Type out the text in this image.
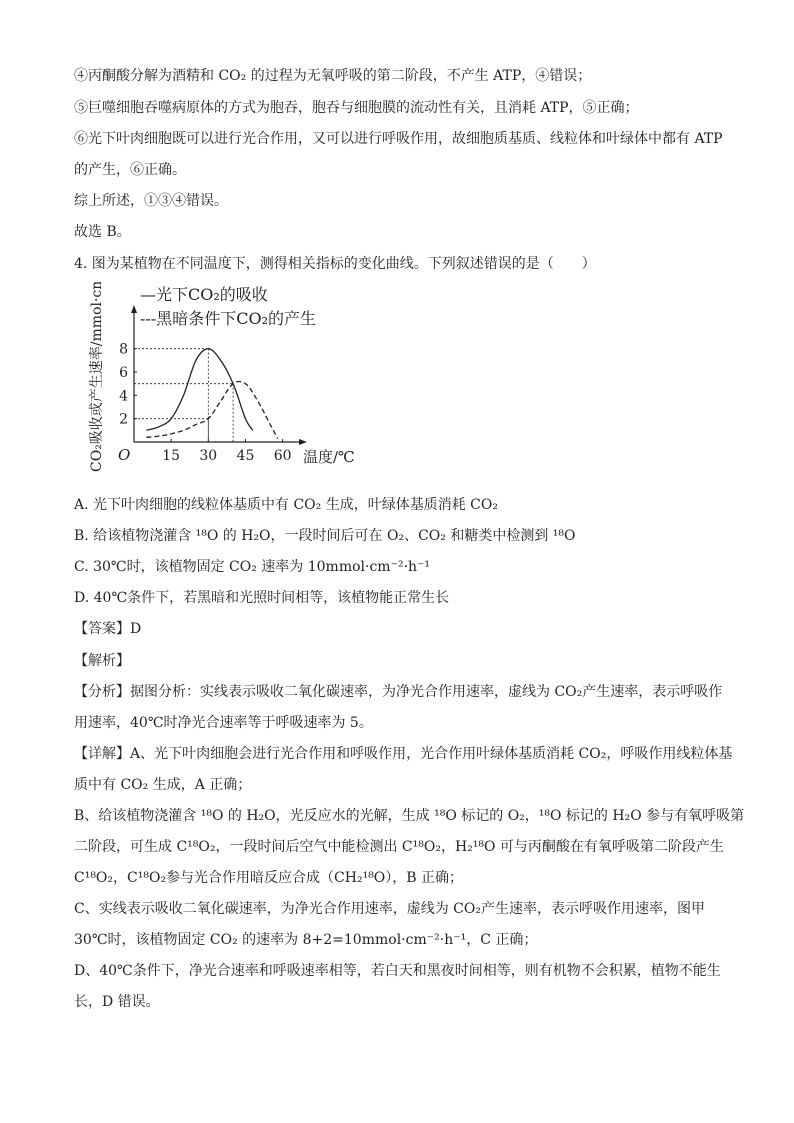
④丙酮酸分解为酒精和 CO₂ 的过程为无氧呼吸的第二阶段，不产生 ATP，④错误；
⑤巨噬细胞吞噬病原体的方式为胞吞，胞吞与细胞膜的流动性有关，且消耗 ATP，⑤正确；
⑥光下叶肉细胞既可以进行光合作用，又可以进行呼吸作用，故细胞质基质、线粒体和叶绿体中都有 ATP
的产生，⑥正确。
综上所述，①③④错误。
故选 B。
4. 图为某植物在不同温度下，测得相关指标的变化曲线。下列叙述错误的是（　　）
—光下CO₂的吸收
---黑暗条件下CO₂的产生
CO₂吸收或产生速率/mmol·cm⁻²·h⁻¹	温度/℃
O 15 30 45 60
2
4
6
8
A. 光下叶肉细胞的线粒体基质中有 CO₂ 生成，叶绿体基质消耗 CO₂
B. 给该植物浇灌含 ¹⁸O 的 H₂O，一段时间后可在 O₂、CO₂ 和糖类中检测到 ¹⁸O
C. 30℃时，该植物固定 CO₂ 速率为 10mmol·cm⁻²·h⁻¹
D. 40℃条件下，若黑暗和光照时间相等，该植物能正常生长
【答案】D
【解析】
【分析】据图分析：实线表示吸收二氧化碳速率，为净光合作用速率，虚线为 CO₂产生速率，表示呼吸作
用速率，40℃时净光合速率等于呼吸速率为 5。
【详解】A、光下叶肉细胞会进行光合作用和呼吸作用，光合作用叶绿体基质消耗 CO₂，呼吸作用线粒体基
质中有 CO₂ 生成，A 正确；
B、给该植物浇灌含 ¹⁸O 的 H₂O，光反应水的光解，生成 ¹⁸O 标记的 O₂，¹⁸O 标记的 H₂O 参与有氧呼吸第
二阶段，可生成 C¹⁸O₂，一段时间后空气中能检测出 C¹⁸O₂，H₂¹⁸O 可与丙酮酸在有氧呼吸第二阶段产生
C¹⁸O₂，C¹⁸O₂参与光合作用暗反应合成（CH₂¹⁸O），B 正确；
C、实线表示吸收二氧化碳速率，为净光合作用速率，虚线为 CO₂产生速率，表示呼吸作用速率，图甲
30℃时，该植物固定 CO₂ 的速率为 8+2=10mmol·cm⁻²·h⁻¹，C 正确；
D、40℃条件下，净光合速率和呼吸速率相等，若白天和黑夜时间相等，则有机物不会积累，植物不能生
长，D 错误。
